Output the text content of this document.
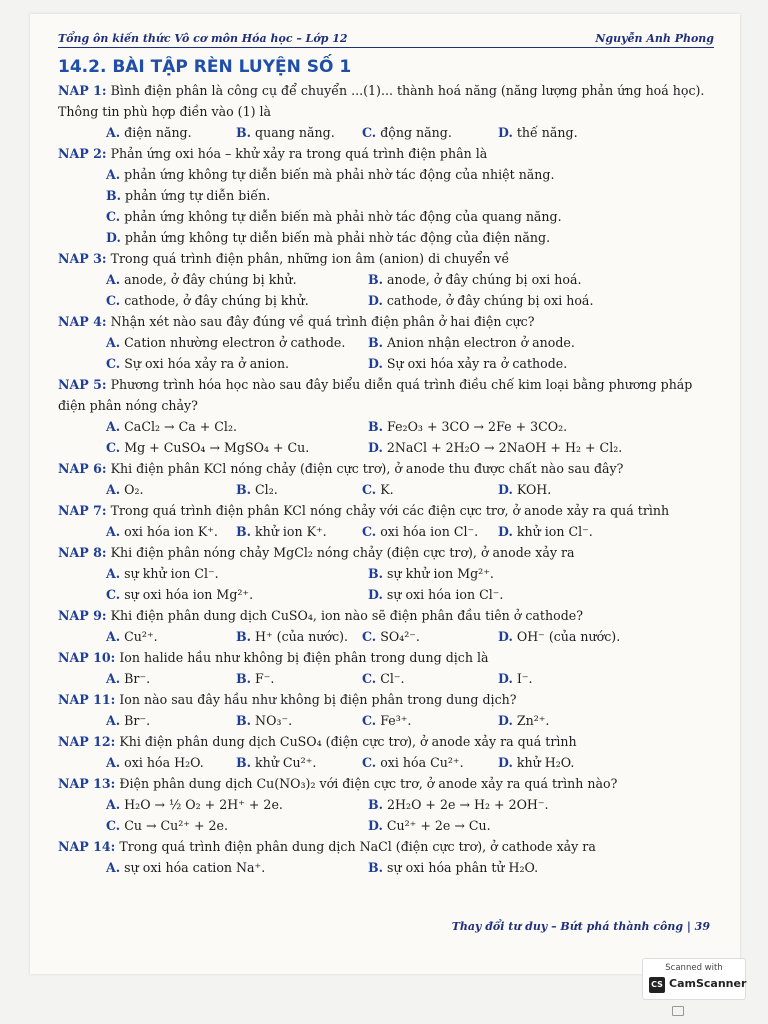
Tổng ôn kiến thức Vô cơ môn Hóa học – Lớp 12	Nguyễn Anh Phong
14.2. BÀI TẬP RÈN LUYỆN SỐ 1
NAP 1: Bình điện phân là công cụ để chuyển ...(1)... thành hoá năng (năng lượng phản ứng hoá học). Thông tin phù hợp điền vào (1) là
A. điện năng.	B. quang năng.	C. động năng.	D. thế năng.
NAP 2: Phản ứng oxi hóa – khử xảy ra trong quá trình điện phân là
A. phản ứng không tự diễn biến mà phải nhờ tác động của nhiệt năng.
B. phản ứng tự diễn biến.
C. phản ứng không tự diễn biến mà phải nhờ tác động của quang năng.
D. phản ứng không tự diễn biến mà phải nhờ tác động của điện năng.
NAP 3: Trong quá trình điện phân, những ion âm (anion) di chuyển về
A. anode, ở đây chúng bị khử.	B. anode, ở đây chúng bị oxi hoá.
C. cathode, ở đây chúng bị khử.	D. cathode, ở đây chúng bị oxi hoá.
NAP 4: Nhận xét nào sau đây đúng về quá trình điện phân ở hai điện cực?
A. Cation nhường electron ở cathode.	B. Anion nhận electron ở anode.
C. Sự oxi hóa xảy ra ở anion.	D. Sự oxi hóa xảy ra ở cathode.
NAP 5: Phương trình hóa học nào sau đây biểu diễn quá trình điều chế kim loại bằng phương pháp điện phân nóng chảy?
A. CaCl₂ → Ca + Cl₂.	B. Fe₂O₃ + 3CO → 2Fe + 3CO₂.
C. Mg + CuSO₄ → MgSO₄ + Cu.	D. 2NaCl + 2H₂O → 2NaOH + H₂ + Cl₂.
NAP 6: Khi điện phân KCl nóng chảy (điện cực trơ), ở anode thu được chất nào sau đây?
A. O₂.	B. Cl₂.	C. K.	D. KOH.
NAP 7: Trong quá trình điện phân KCl nóng chảy với các điện cực trơ, ở anode xảy ra quá trình
A. oxi hóa ion K⁺.	B. khử ion K⁺.	C. oxi hóa ion Cl⁻.	D. khử ion Cl⁻.
NAP 8: Khi điện phân nóng chảy MgCl₂ nóng chảy (điện cực trơ), ở anode xảy ra
A. sự khử ion Cl⁻.	B. sự khử ion Mg²⁺.
C. sự oxi hóa ion Mg²⁺.	D. sự oxi hóa ion Cl⁻.
NAP 9: Khi điện phân dung dịch CuSO₄, ion nào sẽ điện phân đầu tiên ở cathode?
A. Cu²⁺.	B. H⁺ (của nước).	C. SO₄²⁻.	D. OH⁻ (của nước).
NAP 10: Ion halide hầu như không bị điện phân trong dung dịch là
A. Br⁻.	B. F⁻.	C. Cl⁻.	D. I⁻.
NAP 11: Ion nào sau đây hầu như không bị điện phân trong dung dịch?
A. Br⁻.	B. NO₃⁻.	C. Fe³⁺.	D. Zn²⁺.
NAP 12: Khi điện phân dung dịch CuSO₄ (điện cực trơ), ở anode xảy ra quá trình
A. oxi hóa H₂O.	B. khử Cu²⁺.	C. oxi hóa Cu²⁺.	D. khử H₂O.
NAP 13: Điện phân dung dịch Cu(NO₃)₂ với điện cực trơ, ở anode xảy ra quá trình nào?
A. H₂O → ½ O₂ + 2H⁺ + 2e.	B. 2H₂O + 2e → H₂ + 2OH⁻.
C. Cu → Cu²⁺ + 2e.	D. Cu²⁺ + 2e → Cu.
NAP 14: Trong quá trình điện phân dung dịch NaCl (điện cực trơ), ở cathode xảy ra
A. sự oxi hóa cation Na⁺.	B. sự oxi hóa phân tử H₂O.
Thay đổi tư duy – Bứt phá thành công | 39
Scanned with
CS CamScanner
